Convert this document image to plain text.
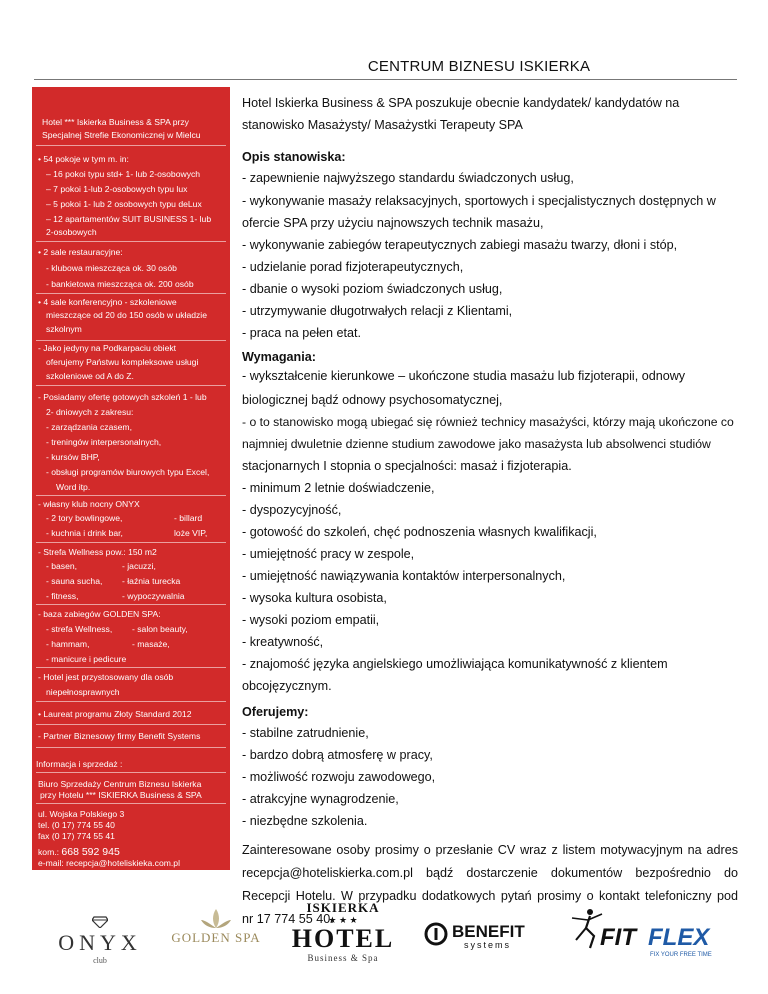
CENTRUM BIZNESU ISKIERKA
Hotel *** Iskierka Business & SPA przy
Specjalnej Strefie Ekonomicznej w Mielcu
• 54 pokoje w tym m. in:
– 16 pokoi typu std+ 1- lub 2-osobowych
– 7 pokoi 1-lub 2-osobowych typu lux
– 5 pokoi 1- lub 2 osobowych typu deLux
– 12 apartamentów SUIT BUSINESS 1- lub
2-osobowych
• 2 sale restauracyjne:
- klubowa mieszcząca ok. 30 osób
- bankietowa mieszcząca ok. 200 osób
• 4 sale konferencyjno - szkoleniowe
mieszczące od 20 do 150 osób w układzie
szkolnym
- Jako jedyny na Podkarpaciu obiekt
oferujemy Państwu kompleksowe usługi
szkoleniowe od A do Z.
- Posiadamy ofertę gotowych szkoleń 1 - lub
2- dniowych z zakresu:
- zarządzania czasem,
- treningów interpersonalnych,
- kursów BHP,
- obsługi programów biurowych typu Excel,
Word itp.
- własny klub nocny ONYX
- 2 tory bowlingowe,
- kuchnia i drink bar,
- billard
loże VIP,
- Strefa Wellness pow.: 150 m2
- basen,
- sauna sucha,
- fitness,
- jacuzzi,
- łaźnia turecka
- wypoczywalnia
- baza zabiegów GOLDEN SPA:
- strefa Wellness,
- hammam,
- manicure i pedicure
- salon beauty,
- masaże,
- Hotel jest przystosowany dla osób
niepełnosprawnych
• Laureat programu Złoty Standard 2012
- Partner Biznesowy firmy Benefit Systems
Informacja i sprzedaż :
Biuro Sprzedaży Centrum Biznesu Iskierka
przy Hotelu *** ISKIERKA Business & SPA
ul. Wojska Polskiego 3
tel. (0 17) 774 55 40
fax (0 17) 774 55 41
kom.: 668 592 945
e-mail: recepcja@hoteliskieka.com.pl
Hotel Iskierka Business & SPA poszukuje obecnie kandydatek/ kandydatów na
stanowisko Masażysty/ Masażystki Terapeuty SPA
Opis stanowiska:
- zapewnienie najwyższego standardu świadczonych usług,
- wykonywanie masaży relaksacyjnych, sportowych i specjalistycznych dostępnych w
ofercie SPA przy użyciu najnowszych technik masażu,
- wykonywanie zabiegów terapeutycznych zabiegi masażu twarzy, dłoni i stóp,
- udzielanie porad fizjoterapeutycznych,
- dbanie o wysoki poziom świadczonych usług,
- utrzymywanie długotrwałych relacji z Klientami,
- praca na pełen etat.
Wymagania:
- wykształcenie kierunkowe – ukończone studia masażu lub fizjoterapii, odnowy
biologicznej bądź odnowy psychosomatycznej,
- o to stanowisko mogą ubiegać się również technicy masażyści, którzy mają ukończone co
najmniej dwuletnie dzienne studium zawodowe jako masażysta lub absolwenci studiów
stacjonarnych I stopnia o specjalności: masaż i fizjoterapia.
- minimum 2 letnie doświadczenie,
- dyspozycyjność,
- gotowość do szkoleń, chęć podnoszenia własnych kwalifikacji,
- umiejętność pracy w zespole,
- umiejętność nawiązywania kontaktów interpersonalnych,
- wysoka kultura osobista,
- wysoki poziom empatii,
- kreatywność,
- znajomość języka angielskiego umożliwiająca komunikatywność z klientem
obcojęzycznym.
Oferujemy:
- stabilne zatrudnienie,
- bardzo dobrą atmosferę w pracy,
- możliwość rozwoju zawodowego,
- atrakcyjne wynagrodzenie,
- niezbędne szkolenia.
Zainteresowane osoby prosimy o przesłanie CV wraz z listem motywacyjnym na adres
recepcja@hoteliskierka.com.pl bądź dostarczenie dokumentów bezpośrednio do
Recepcji Hotelu. W przypadku dodatkowych pytań prosimy o kontakt telefoniczny pod
nr 17 774 55 40.
ONYX
club
GOLDEN SPA
ISKIERKA
★ ★ ★
HOTEL
Business & Spa
BENEFIT
systems	FIT FLEX
FIX YOUR FREE TIME
